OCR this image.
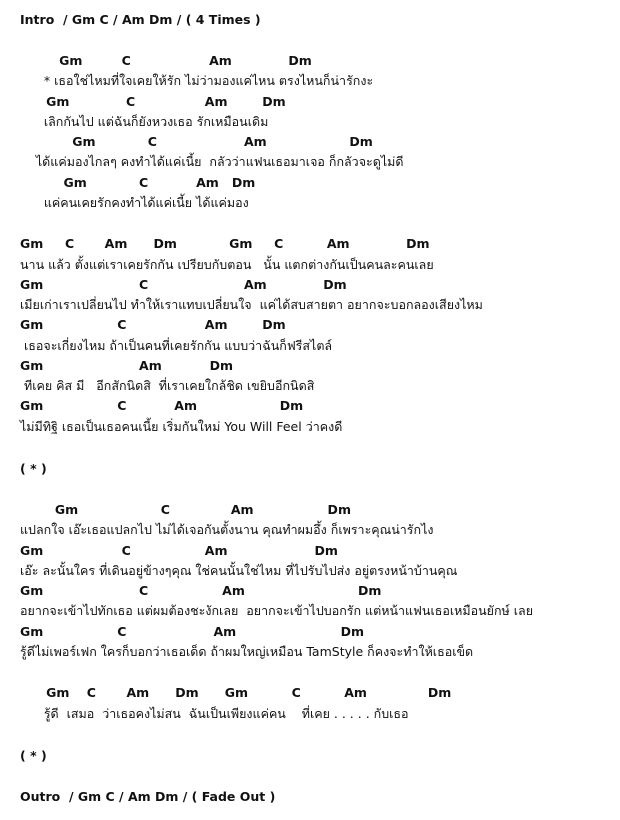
Intro  / Gm C / Am Dm / ( 4 Times )
Gm         C                  Am             Dm
* เธอใช่ไหมที่ใจเคยให้รัก ไม่ว่ามองแค่ไหน ตรงไหนก็น่ารักงะ
Gm             C                Am        Dm
เลิกกันไป แต่ฉันก็ยังหวงเธอ รักเหมือนเดิม
Gm            C                    Am                   Dm
ได้แค่มองไกลๆ คงทำได้แค่เนี้ย  กลัวว่าแฟนเธอมาเจอ ก็กลัวจะดูไม่ดี
Gm            C           Am   Dm
แค่คนเคยรักคงทำได้แค่เนี้ย ได้แค่มอง
Gm     C       Am      Dm            Gm     C          Am             Dm
นาน แล้ว ตั้งแต่เราเคยรักกัน เปรียบกับตอน   นั้น แตกต่างกันเป็นคนละคนเลย
Gm                      C                      Am             Dm
เมียเก่าเราเปลี่ยนไป ทำให้เราแทบเปลี่ยนใจ  แค่ได้สบสายตา อยากจะบอกลองเสียงไหม
Gm                 C                  Am        Dm
เธอจะเกี่ยงไหม ถ้าเป็นคนที่เคยรักกัน แบบว่าฉันก็ฟรีสไตล์
Gm                      Am           Dm
ทีเคย คิส มี   อีกสักนิดสิ  ที่เราเคยใกล้ชิด เขยิบอีกนิดสิ
Gm                 C           Am                   Dm
ไม่มีทิฐิ เธอเป็นเธอคนเนี้ย เริ่มกันใหม่ You Will Feel ว่าคงดี
( * )
Gm                   C              Am                 Dm
แปลกใจ เอ๊ะเธอแปลกไป ไม่ได้เจอกันตั้งนาน คุณทำผมอึ้ง ก็เพราะคุณน่ารักไง
Gm                  C                 Am                    Dm
เอ๊ะ ละนั้นใคร ที่เดินอยู่ข้างๆคุณ ใช่คนนั้นใช่ไหม ที่ไปรับไปส่ง อยู่ตรงหน้าบ้านคุณ
Gm                      C                 Am                          Dm
อยากจะเข้าไปทักเธอ แต่ผมต้องชะงักเลย  อยากจะเข้าไปบอกรัก แต่หน้าแฟนเธอเหมือนยักษ์ เลย
Gm                 C                    Am                        Dm
รู้ดีไม่เพอร์เฟก ใครก็บอกว่าเธอเด็ด ถ้าผมใหญ่เหมือน TamStyle ก็คงจะทำให้เธอเข็ด
Gm    C       Am      Dm      Gm          C          Am              Dm
รู้ดี  เสมอ  ว่าเธอคงไม่สน  ฉันเป็นเพียงแค่คน    ที่เคย . . . . . กับเธอ
( * )
Outro  / Gm C / Am Dm / ( Fade Out )
